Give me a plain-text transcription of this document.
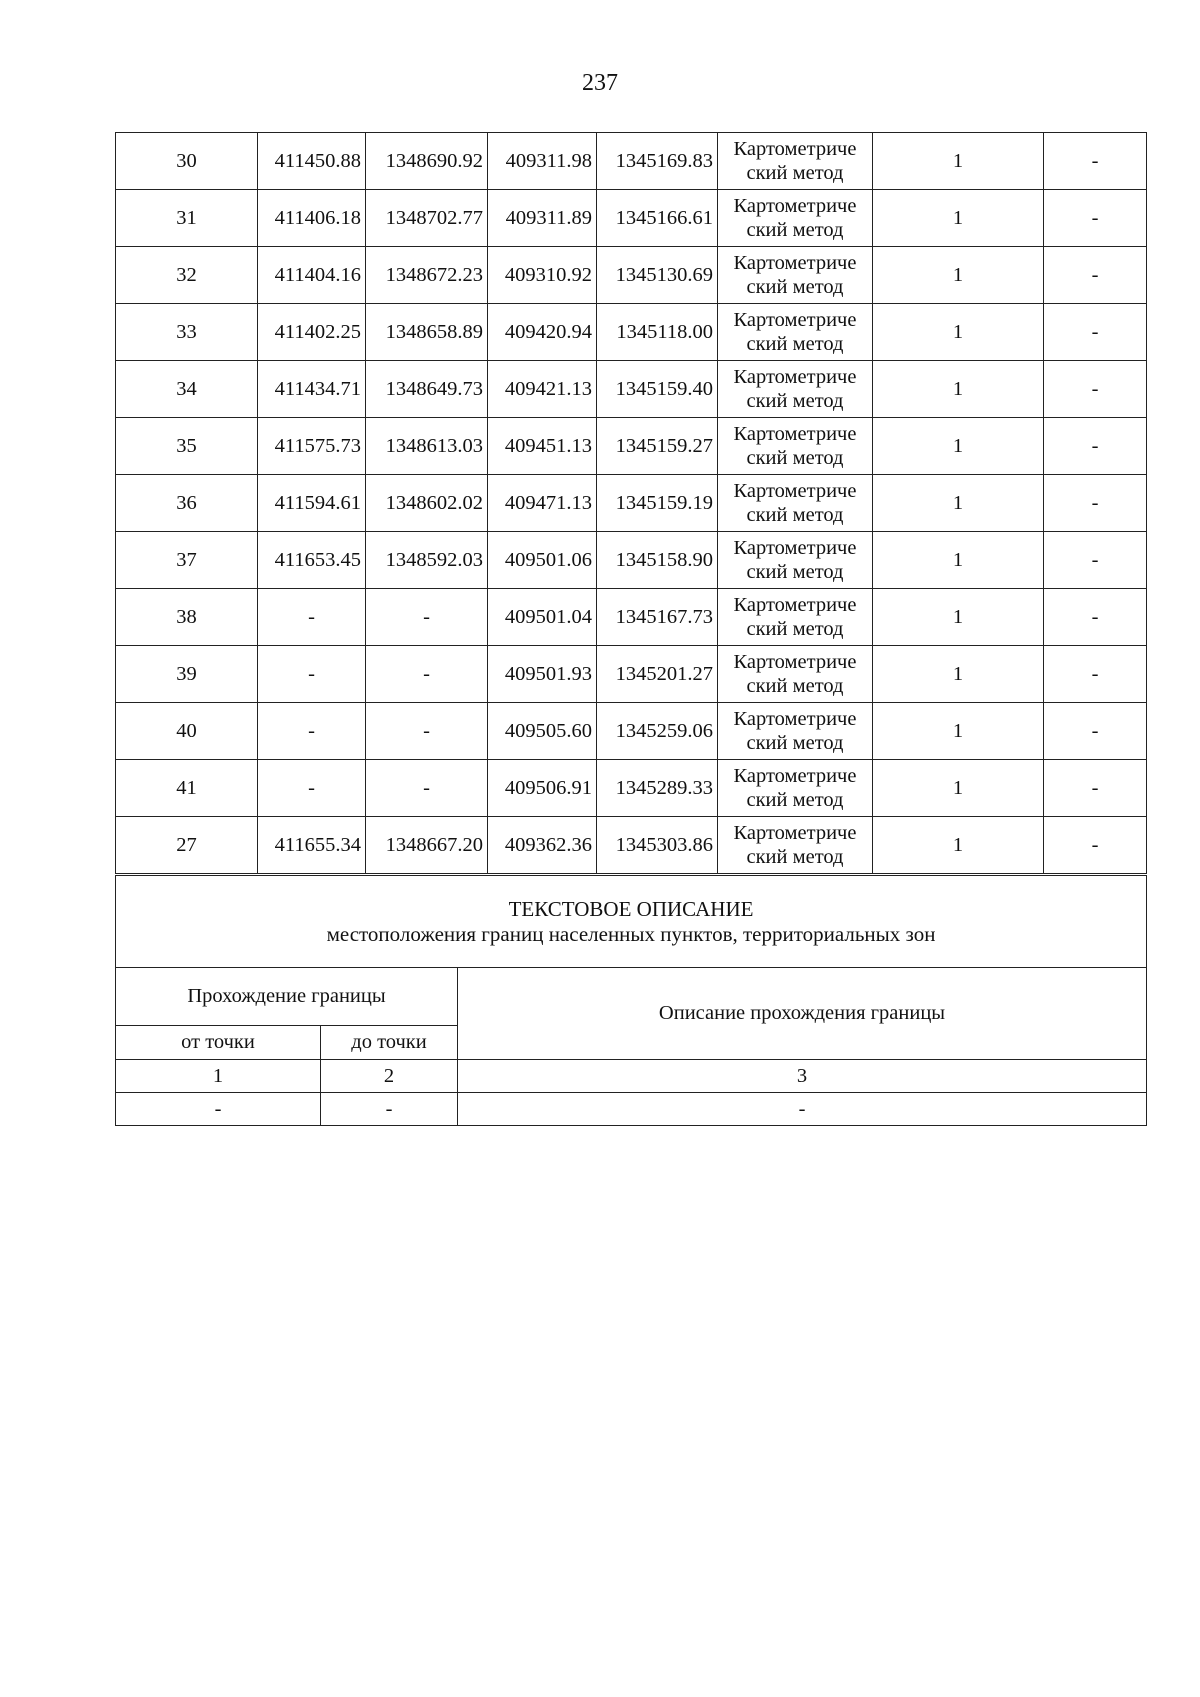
237
30	411450.88	1348690.92	409311.98	1345169.83	Картометриче
ский метод	1	-
31	411406.18	1348702.77	409311.89	1345166.61	Картометриче
ский метод	1	-
32	411404.16	1348672.23	409310.92	1345130.69	Картометриче
ский метод	1	-
33	411402.25	1348658.89	409420.94	1345118.00	Картометриче
ский метод	1	-
34	411434.71	1348649.73	409421.13	1345159.40	Картометриче
ский метод	1	-
35	411575.73	1348613.03	409451.13	1345159.27	Картометриче
ский метод	1	-
36	411594.61	1348602.02	409471.13	1345159.19	Картометриче
ский метод	1	-
37	411653.45	1348592.03	409501.06	1345158.90	Картометриче
ский метод	1	-
38	-	-	409501.04	1345167.73	Картометриче
ский метод	1	-
39	-	-	409501.93	1345201.27	Картометриче
ский метод	1	-
40	-	-	409505.60	1345259.06	Картометриче
ский метод	1	-
41	-	-	409506.91	1345289.33	Картометриче
ский метод	1	-
27	411655.34	1348667.20	409362.36	1345303.86	Картометриче
ский метод	1	-
ТЕКСТОВОЕ ОПИСАНИЕ
местоположения границ населенных пунктов, территориальных зон		

Прохождение границы		Описание прохождения границы
от точки	до точки	
1	2	3
-	-	-
